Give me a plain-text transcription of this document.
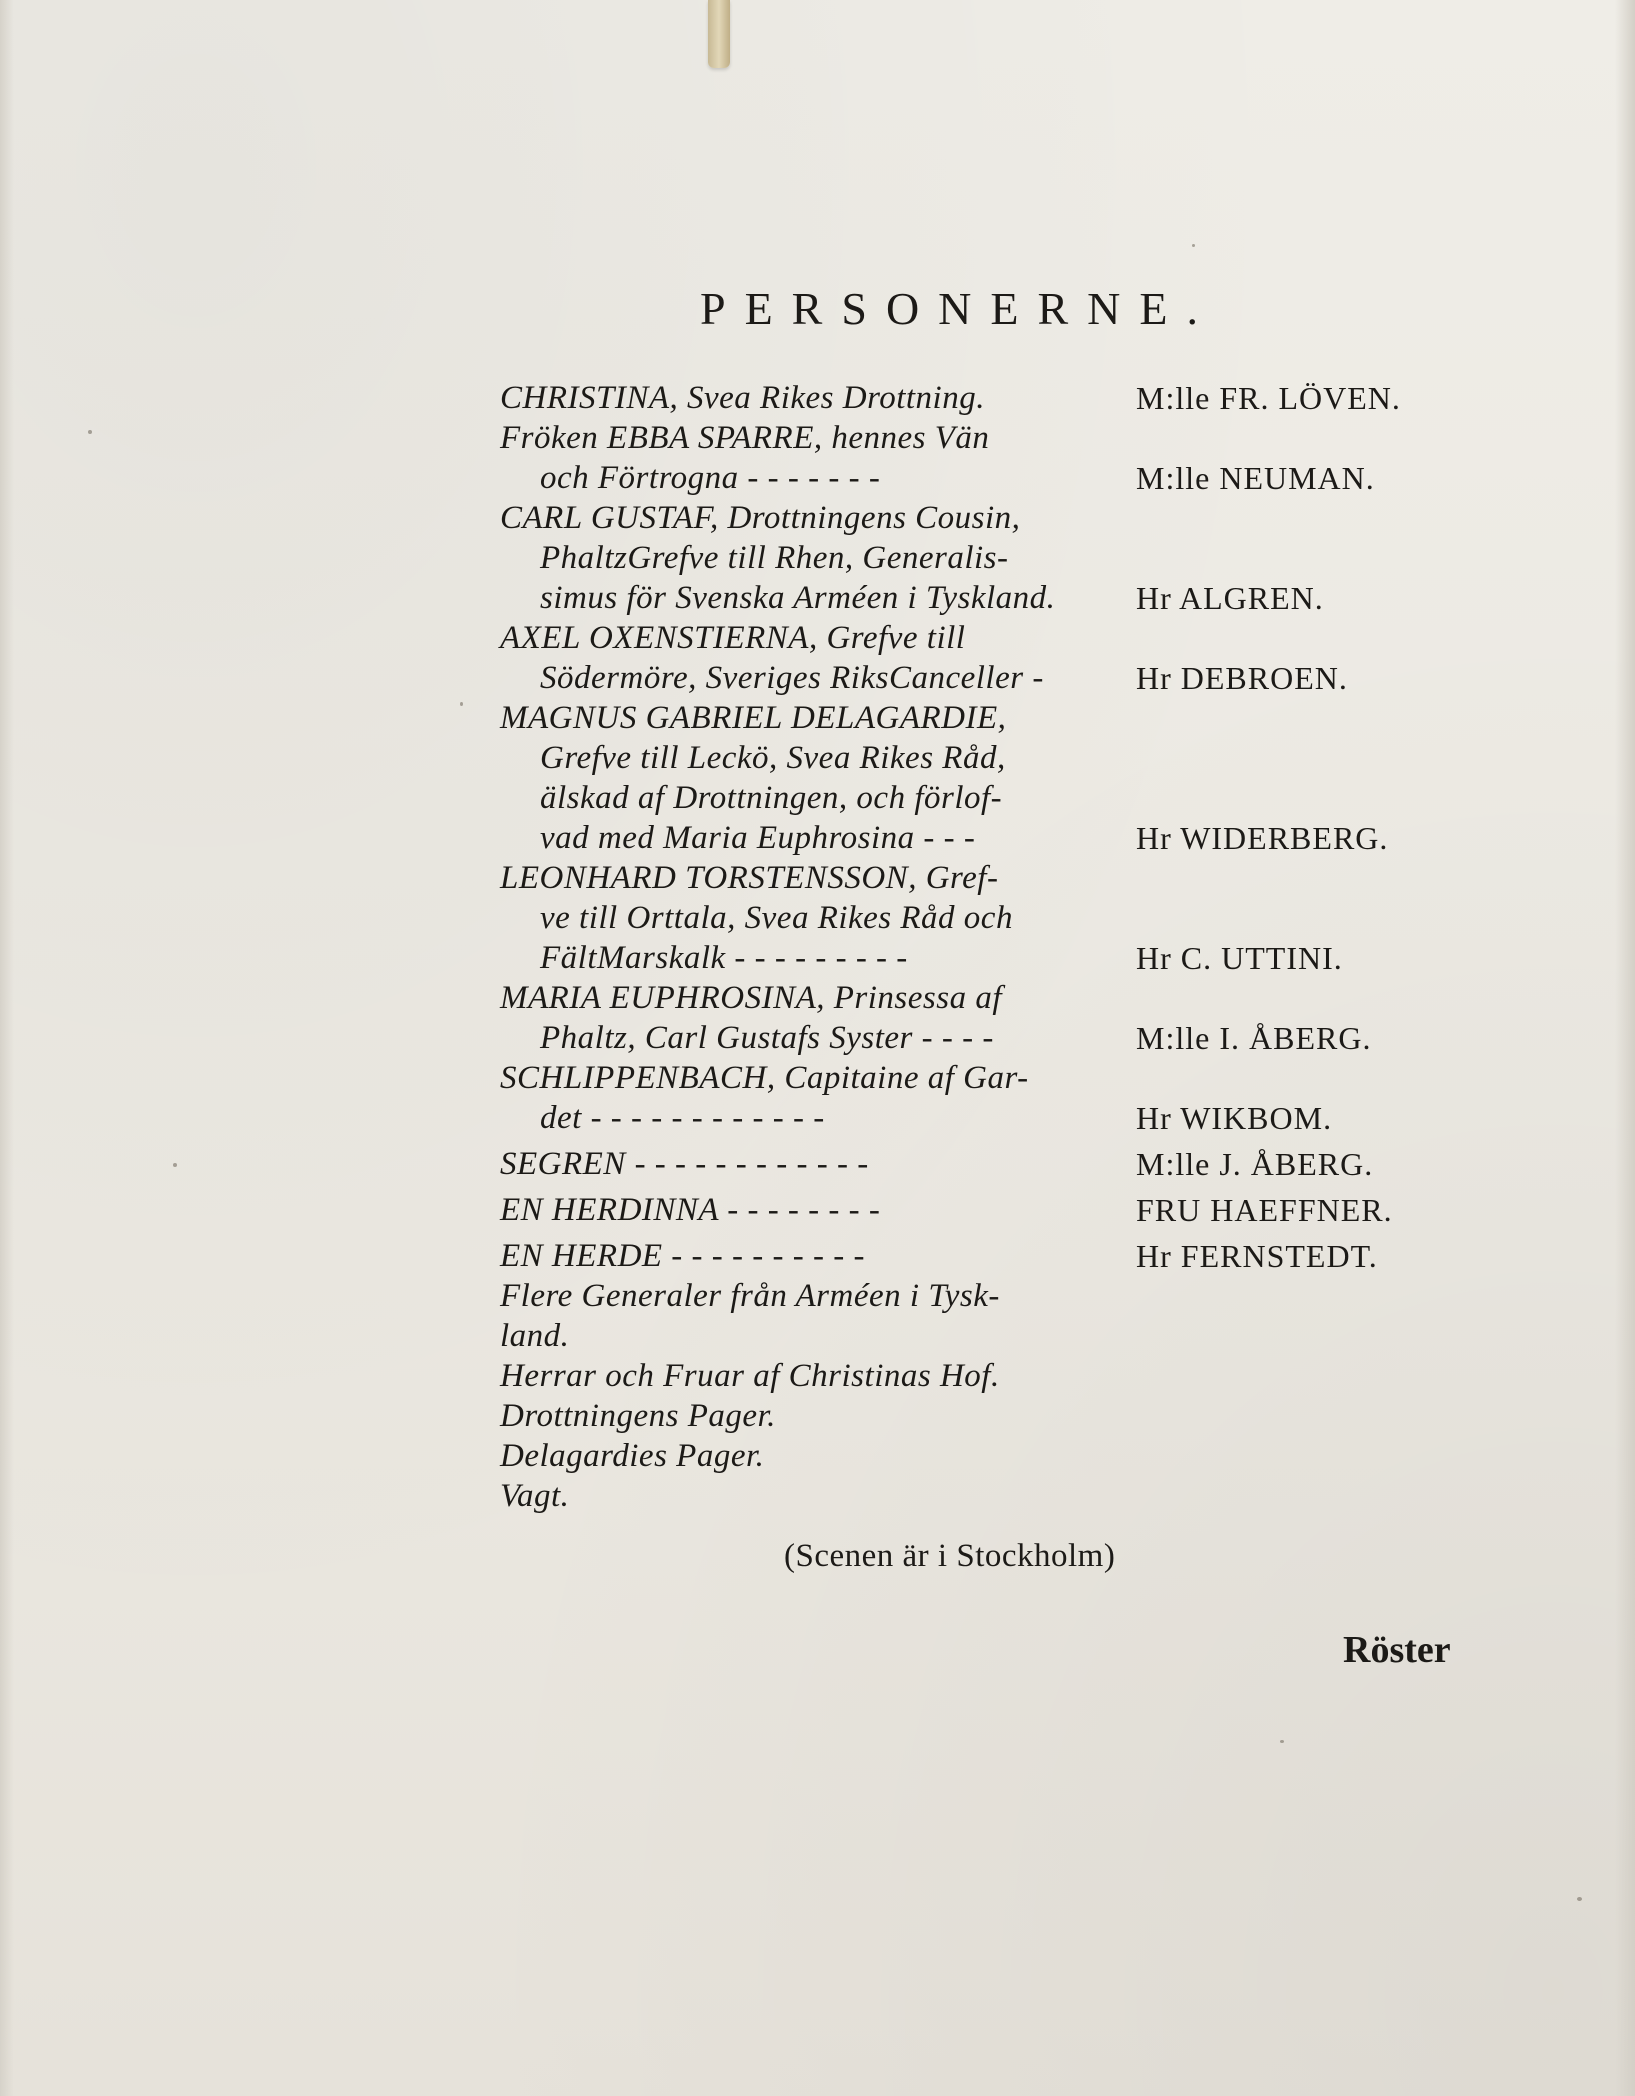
PERSONERNE.
CHRISTINA, Svea Rikes Drottning.	M:lle FR. LÖVEN.
Fröken EBBA SPARRE, hennes Vän
och Förtrogna - - - - - - -	M:lle NEUMAN.
CARL GUSTAF, Drottningens Cousin,
PhaltzGrefve till Rhen, Generalis-
simus för Svenska Arméen i Tyskland.	Hr ALGREN.
AXEL OXENSTIERNA, Grefve till
Södermöre, Sveriges RiksCanceller -	Hr DEBROEN.
MAGNUS GABRIEL DELAGARDIE,
Grefve till Leckö, Svea Rikes Råd,
älskad af Drottningen, och förlof-
vad med Maria Euphrosina - - -	Hr WIDERBERG.
LEONHARD TORSTENSSON, Gref-
ve till Orttala, Svea Rikes Råd och
FältMarskalk - - - - - - - - -	Hr C. UTTINI.
MARIA EUPHROSINA, Prinsessa af
Phaltz, Carl Gustafs Syster - - - -	M:lle I. ÅBERG.
SCHLIPPENBACH, Capitaine af Gar-
det - - - - - - - - - - - -	Hr WIKBOM.
SEGREN - - - - - - - - - - - -	M:lle J. ÅBERG.
EN HERDINNA - - - - - - - -	FRU HAEFFNER.
EN HERDE - - - - - - - - - -	Hr FERNSTEDT.
Flere Generaler från Arméen i Tysk-
land.
Herrar och Fruar af Christinas Hof.
Drottningens Pager.
Delagardies Pager.
Vagt.
(Scenen är i Stockholm)
Röster
